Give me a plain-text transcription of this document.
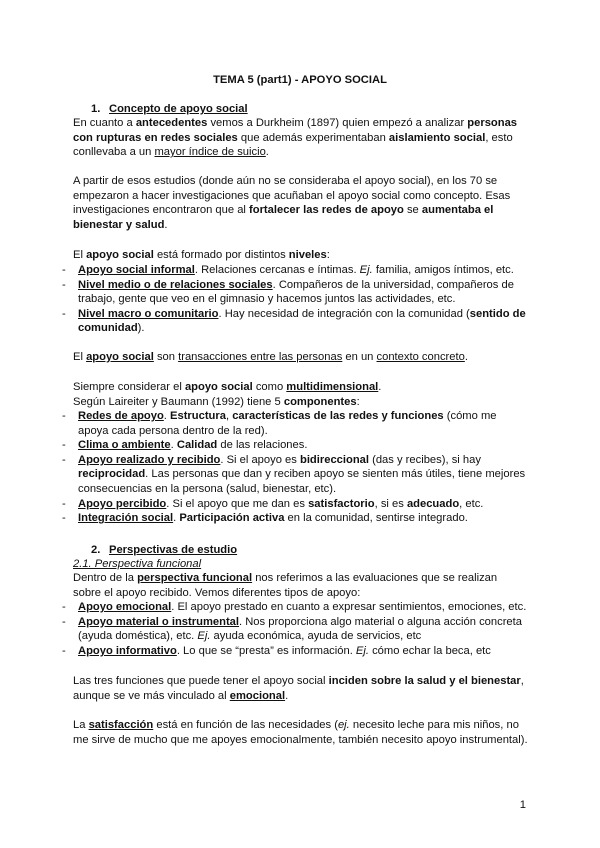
TEMA 5 (part1) - APOYO SOCIAL
1. Concepto de apoyo social
En cuanto a antecedentes vemos a Durkheim (1897) quien empezó a analizar personas con rupturas en redes sociales que además experimentaban aislamiento social, esto conllevaba a un mayor índice de suicio.
A partir de esos estudios (donde aún no se consideraba el apoyo social), en los 70 se empezaron a hacer investigaciones que acuñaban el apoyo social como concepto. Esas investigaciones encontraron que al fortalecer las redes de apoyo se aumentaba el bienestar y salud.
El apoyo social está formado por distintos niveles:
- Apoyo social informal. Relaciones cercanas e íntimas. Ej. familia, amigos íntimos, etc.
- Nivel medio o de relaciones sociales. Compañeros de la universidad, compañeros de trabajo, gente que veo en el gimnasio y hacemos juntos las actividades, etc.
- Nivel macro o comunitario. Hay necesidad de integración con la comunidad (sentido de comunidad).
El apoyo social son transacciones entre las personas en un contexto concreto.
Siempre considerar el apoyo social como multidimensional.
Según Laireiter y Baumann (1992) tiene 5 componentes:
- Redes de apoyo. Estructura, características de las redes y funciones (cómo me apoya cada persona dentro de la red).
- Clima o ambiente. Calidad de las relaciones.
- Apoyo realizado y recibido. Si el apoyo es bidireccional (das y recibes), si hay reciprocidad. Las personas que dan y reciben apoyo se sienten más útiles, tiene mejores consecuencias en la persona (salud, bienestar, etc).
- Apoyo percibido. Si el apoyo que me dan es satisfactorio, si es adecuado, etc.
- Integración social. Participación activa en la comunidad, sentirse integrado.
2. Perspectivas de estudio
2.1. Perspectiva funcional
Dentro de la perspectiva funcional nos referimos a las evaluaciones que se realizan sobre el apoyo recibido. Vemos diferentes tipos de apoyo:
- Apoyo emocional. El apoyo prestado en cuanto a expresar sentimientos, emociones, etc.
- Apoyo material o instrumental. Nos proporciona algo material o alguna acción concreta (ayuda doméstica), etc. Ej. ayuda económica, ayuda de servicios, etc
- Apoyo informativo. Lo que se “presta” es información. Ej. cómo echar la beca, etc
Las tres funciones que puede tener el apoyo social inciden sobre la salud y el bienestar, aunque se ve más vinculado al emocional.
La satisfacción está en función de las necesidades (ej. necesito leche para mis niños, no me sirve de mucho que me apoyes emocionalmente, también necesito apoyo instrumental).
1
